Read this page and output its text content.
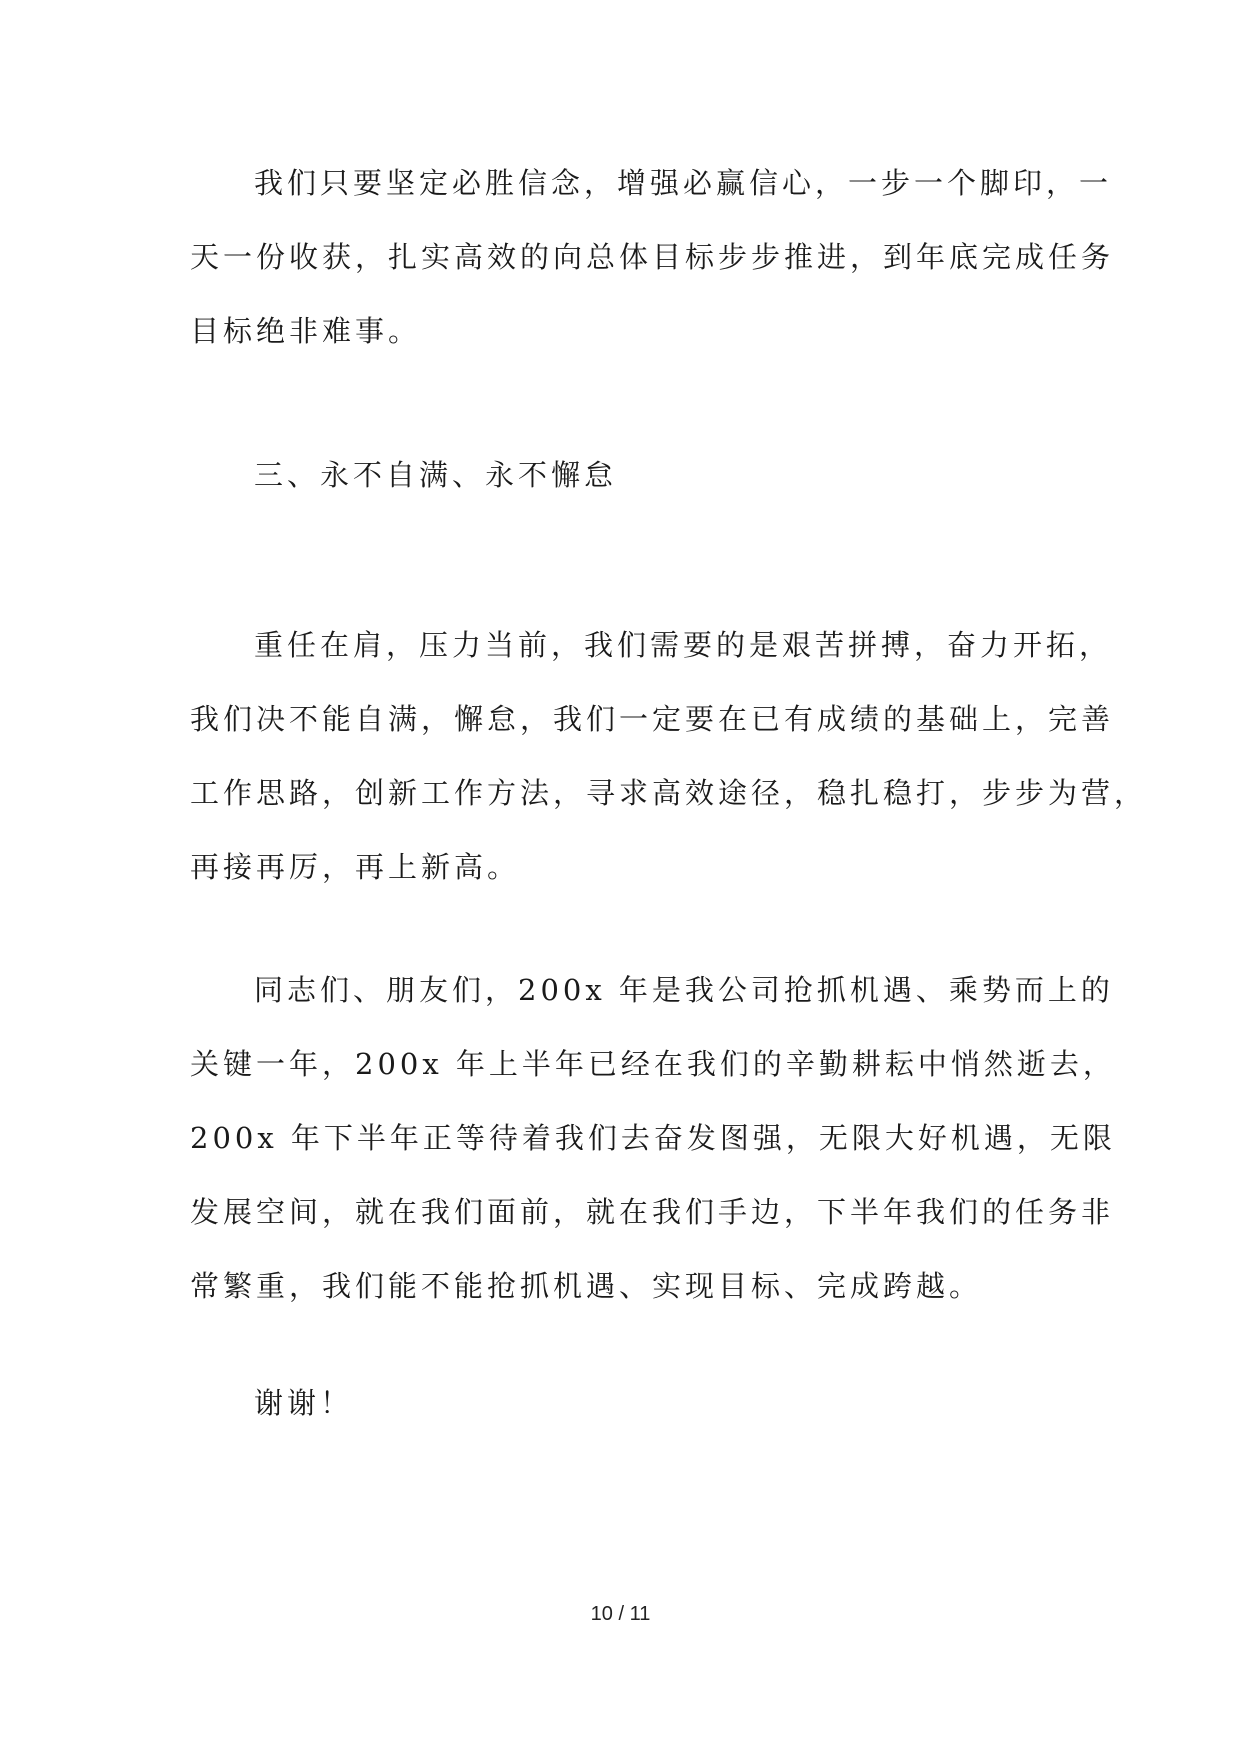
我们只要坚定必胜信念，增强必赢信心，一步一个脚印，一
天一份收获，扎实高效的向总体目标步步推进，到年底完成任务
目标绝非难事。

三、永不自满、永不懈怠

重任在肩，压力当前，我们需要的是艰苦拼搏，奋力开拓，
我们决不能自满，懈怠，我们一定要在已有成绩的基础上，完善
工作思路，创新工作方法，寻求高效途径，稳扎稳打，步步为营，
再接再厉，再上新高。

同志们、朋友们，200x 年是我公司抢抓机遇、乘势而上的
关键一年，200x 年上半年已经在我们的辛勤耕耘中悄然逝去，
200x 年下半年正等待着我们去奋发图强，无限大好机遇，无限
发展空间，就在我们面前，就在我们手边，下半年我们的任务非
常繁重，我们能不能抢抓机遇、实现目标、完成跨越。

谢谢！

10 / 11
